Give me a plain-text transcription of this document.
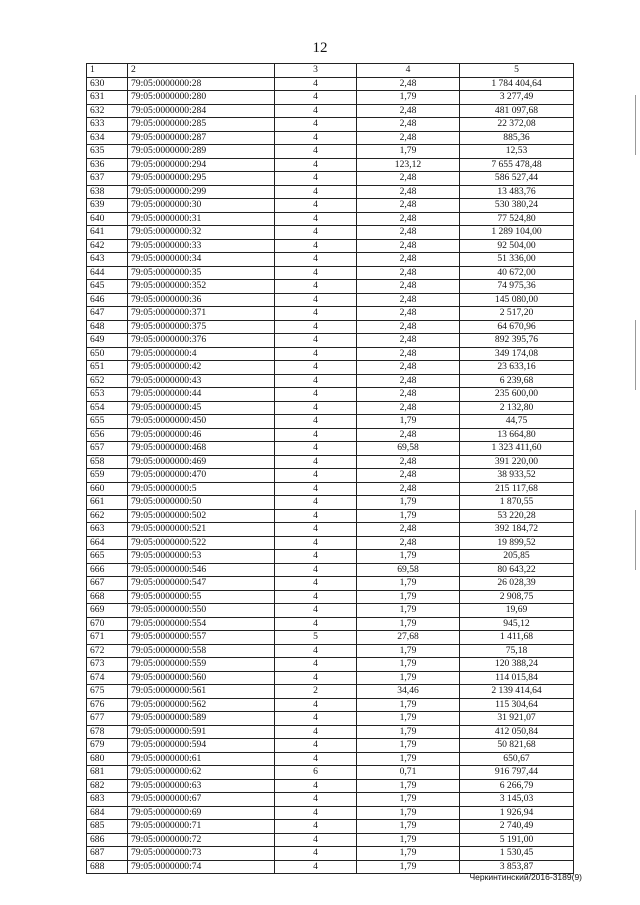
12
1	2	3	4	5
630	79:05:0000000:28	4	2,48	1 784 404,64
631	79:05:0000000:280	4	1,79	3 277,49
632	79:05:0000000:284	4	2,48	481 097,68
633	79:05:0000000:285	4	2,48	22 372,08
634	79:05:0000000:287	4	2,48	885,36
635	79:05:0000000:289	4	1,79	12,53
636	79:05:0000000:294	4	123,12	7 655 478,48
637	79:05:0000000:295	4	2,48	586 527,44
638	79:05:0000000:299	4	2,48	13 483,76
639	79:05:0000000:30	4	2,48	530 380,24
640	79:05:0000000:31	4	2,48	77 524,80
641	79:05:0000000:32	4	2,48	1 289 104,00
642	79:05:0000000:33	4	2,48	92 504,00
643	79:05:0000000:34	4	2,48	51 336,00
644	79:05:0000000:35	4	2,48	40 672,00
645	79:05:0000000:352	4	2,48	74 975,36
646	79:05:0000000:36	4	2,48	145 080,00
647	79:05:0000000:371	4	2,48	2 517,20
648	79:05:0000000:375	4	2,48	64 670,96
649	79:05:0000000:376	4	2,48	892 395,76
650	79:05:0000000:4	4	2,48	349 174,08
651	79:05:0000000:42	4	2,48	23 633,16
652	79:05:0000000:43	4	2,48	6 239,68
653	79:05:0000000:44	4	2,48	235 600,00
654	79:05:0000000:45	4	2,48	2 132,80
655	79:05:0000000:450	4	1,79	44,75
656	79:05:0000000:46	4	2,48	13 664,80
657	79:05:0000000:468	4	69,58	1 323 411,60
658	79:05:0000000:469	4	2,48	391 220,00
659	79:05:0000000:470	4	2,48	38 933,52
660	79:05:0000000:5	4	2,48	215 117,68
661	79:05:0000000:50	4	1,79	1 870,55
662	79:05:0000000:502	4	1,79	53 220,28
663	79:05:0000000:521	4	2,48	392 184,72
664	79:05:0000000:522	4	2,48	19 899,52
665	79:05:0000000:53	4	1,79	205,85
666	79:05:0000000:546	4	69,58	80 643,22
667	79:05:0000000:547	4	1,79	26 028,39
668	79:05:0000000:55	4	1,79	2 908,75
669	79:05:0000000:550	4	1,79	19,69
670	79:05:0000000:554	4	1,79	945,12
671	79:05:0000000:557	5	27,68	1 411,68
672	79:05:0000000:558	4	1,79	75,18
673	79:05:0000000:559	4	1,79	120 388,24
674	79:05:0000000:560	4	1,79	114 015,84
675	79:05:0000000:561	2	34,46	2 139 414,64
676	79:05:0000000:562	4	1,79	115 304,64
677	79:05:0000000:589	4	1,79	31 921,07
678	79:05:0000000:591	4	1,79	412 050,84
679	79:05:0000000:594	4	1,79	50 821,68
680	79:05:0000000:61	4	1,79	650,67
681	79:05:0000000:62	6	0,71	916 797,44
682	79:05:0000000:63	4	1,79	6 266,79
683	79:05:0000000:67	4	1,79	3 145,03
684	79:05:0000000:69	4	1,79	1 926,94
685	79:05:0000000:71	4	1,79	2 740,49
686	79:05:0000000:72	4	1,79	5 191,00
687	79:05:0000000:73	4	1,79	1 530,45
688	79:05:0000000:74	4	1,79	3 853,87
Черкинтинский/2016-3189(9)
